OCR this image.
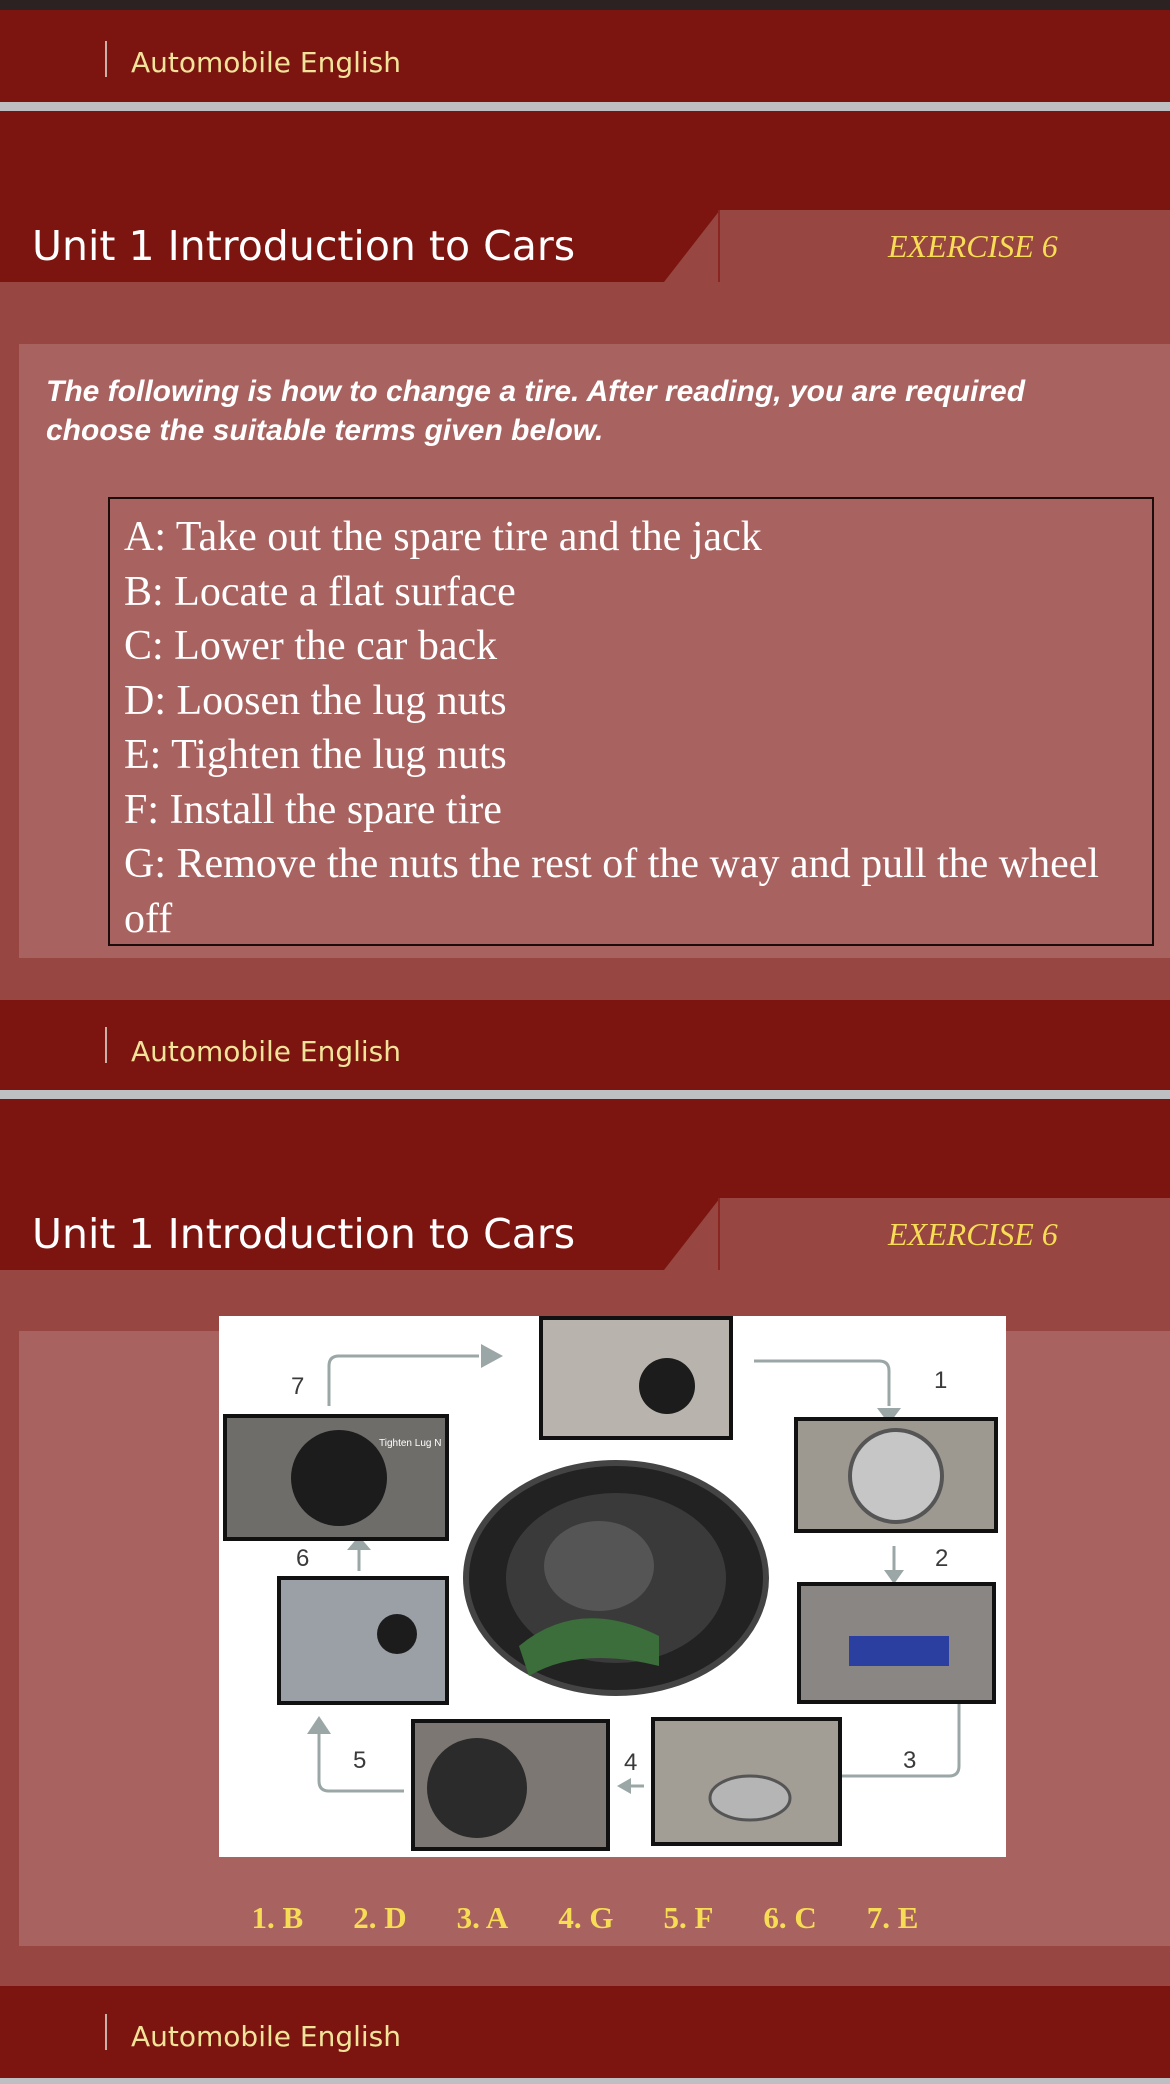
Automobile English
Unit 1 Introduction to Cars	EXERCISE 6
The following is how to change a tire. After reading, you are required
choose the suitable terms given below.
A: Take out the spare tire and the jack
B: Locate a flat surface
C: Lower the car back
D: Loosen the lug nuts
E: Tighten the lug nuts
F: Install the spare tire
G: Remove the nuts the rest of the way and pull the wheel off
Automobile English
Unit 1 Introduction to Cars	EXERCISE 6
7	1
2
3
4
5
6
Tighten Lug N
1. B 2. D 3. A 4. G 5. F 6. C 7. E
Automobile English
